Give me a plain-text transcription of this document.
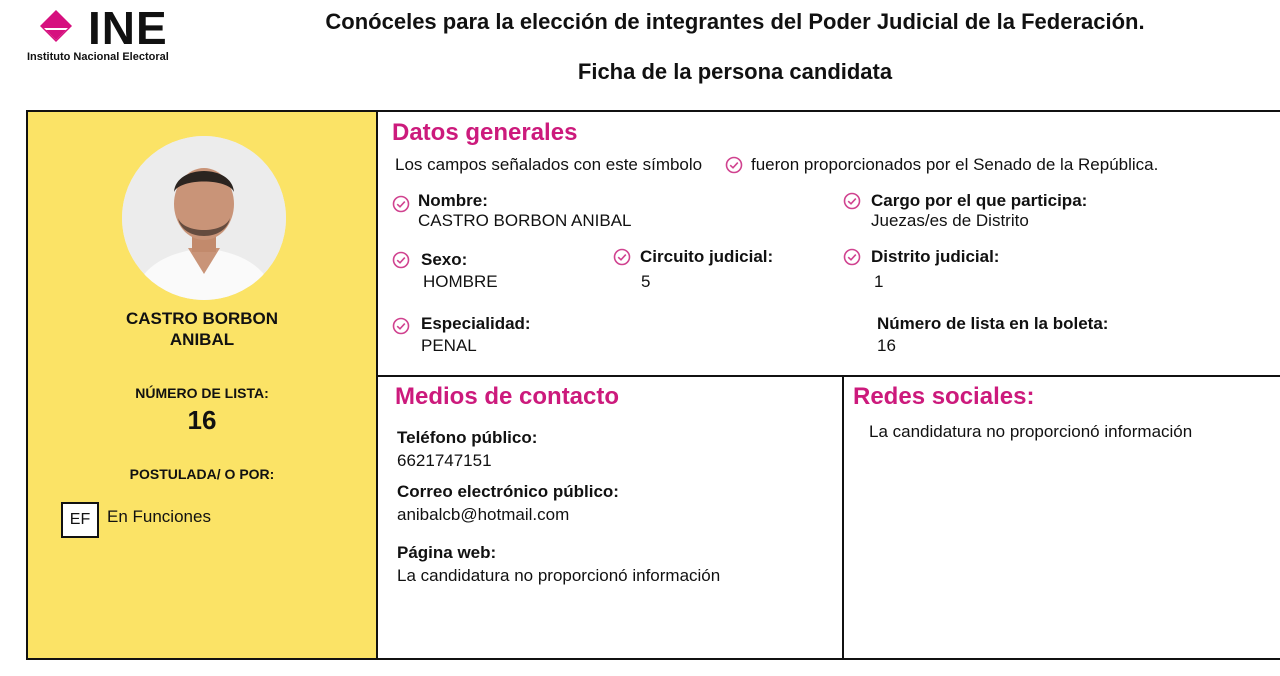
INE
Instituto Nacional Electoral
Conóceles para la elección de integrantes del Poder Judicial de la Federación.
Ficha de la persona candidata
CASTRO BORBON
ANIBAL
NÚMERO DE LISTA:
16
POSTULADA/ O POR:
EF En Funciones
Datos generales
Los campos señalados con este símbolo	fueron proporcionados por el Senado de la República.
Nombre:
CASTRO BORBON ANIBAL
Cargo por el que participa:
Juezas/es de Distrito
Sexo:
HOMBRE
Circuito judicial:
5
Distrito judicial:
1
Especialidad:
PENAL
Número de lista en la boleta:
16
Medios de contacto
Teléfono público:
6621747151
Correo electrónico público:
anibalcb@hotmail.com
Página web:
La candidatura no proporcionó información
Redes sociales:
La candidatura no proporcionó información
